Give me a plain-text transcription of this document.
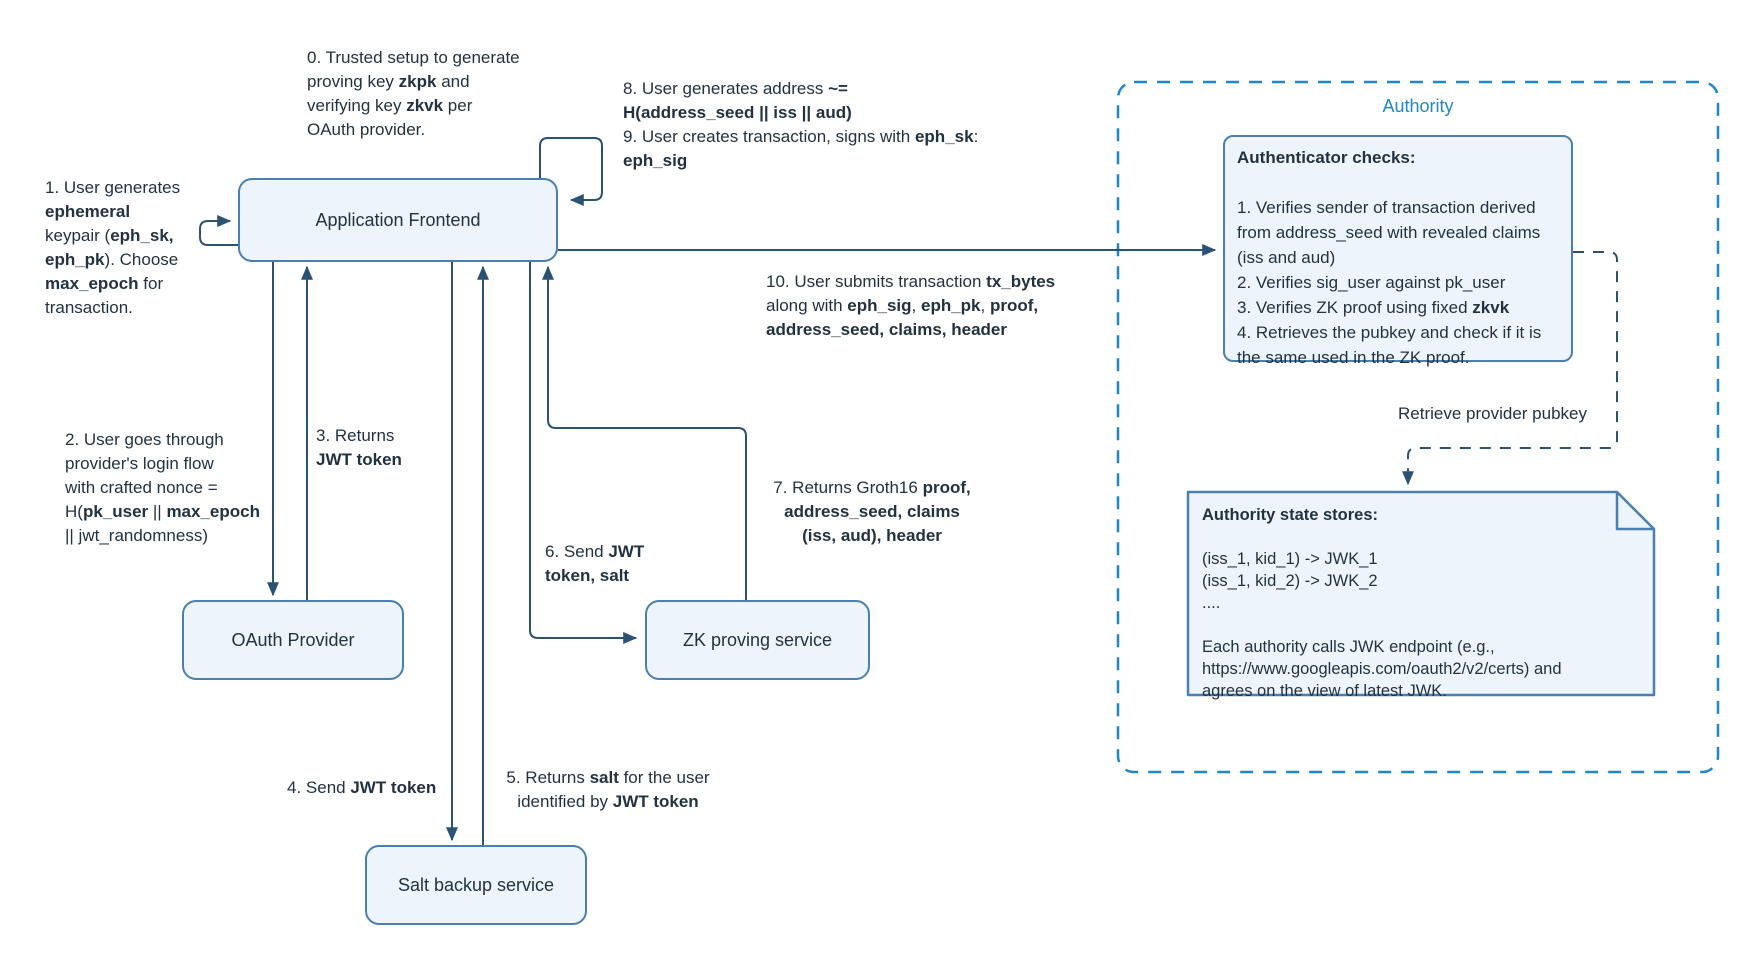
Application Frontend
OAuth Provider	ZK proving service
Salt backup service
Authority
Authenticator checks:

1. Verifies sender of transaction derived
from address_seed with revealed claims
(iss and aud)
2. Verifies sig_user against pk_user
3. Verifies ZK proof using fixed zkvk
4. Retrieves the pubkey and check if it is
the same used in the ZK proof.
Authority state stores:

(iss_1, kid_1) -> JWK_1
(iss_1, kid_2) -> JWK_2
....

Each authority calls JWK endpoint (e.g.,
https://www.googleapis.com/oauth2/v2/certs) and
agrees on the view of latest JWK.
Retrieve provider pubkey
0. Trusted setup to generate
proving key zkpk and
verifying key zkvk per
OAuth provider.
1. User generates
ephemeral
keypair (eph_sk,
eph_pk). Choose
max_epoch for
transaction.
2. User goes through
provider's login flow
with crafted nonce =
H(pk_user || max_epoch
|| jwt_randomness)
3. Returns
JWT token
4. Send JWT token
5. Returns salt for the user
identified by JWT token
6. Send JWT
token, salt
7. Returns Groth16 proof,
address_seed, claims
(iss, aud), header
8. User generates address ~=
H(address_seed || iss || aud)
9. User creates transaction, signs with eph_sk:
eph_sig
10. User submits transaction tx_bytes
along with eph_sig, eph_pk, proof,
address_seed, claims, header
